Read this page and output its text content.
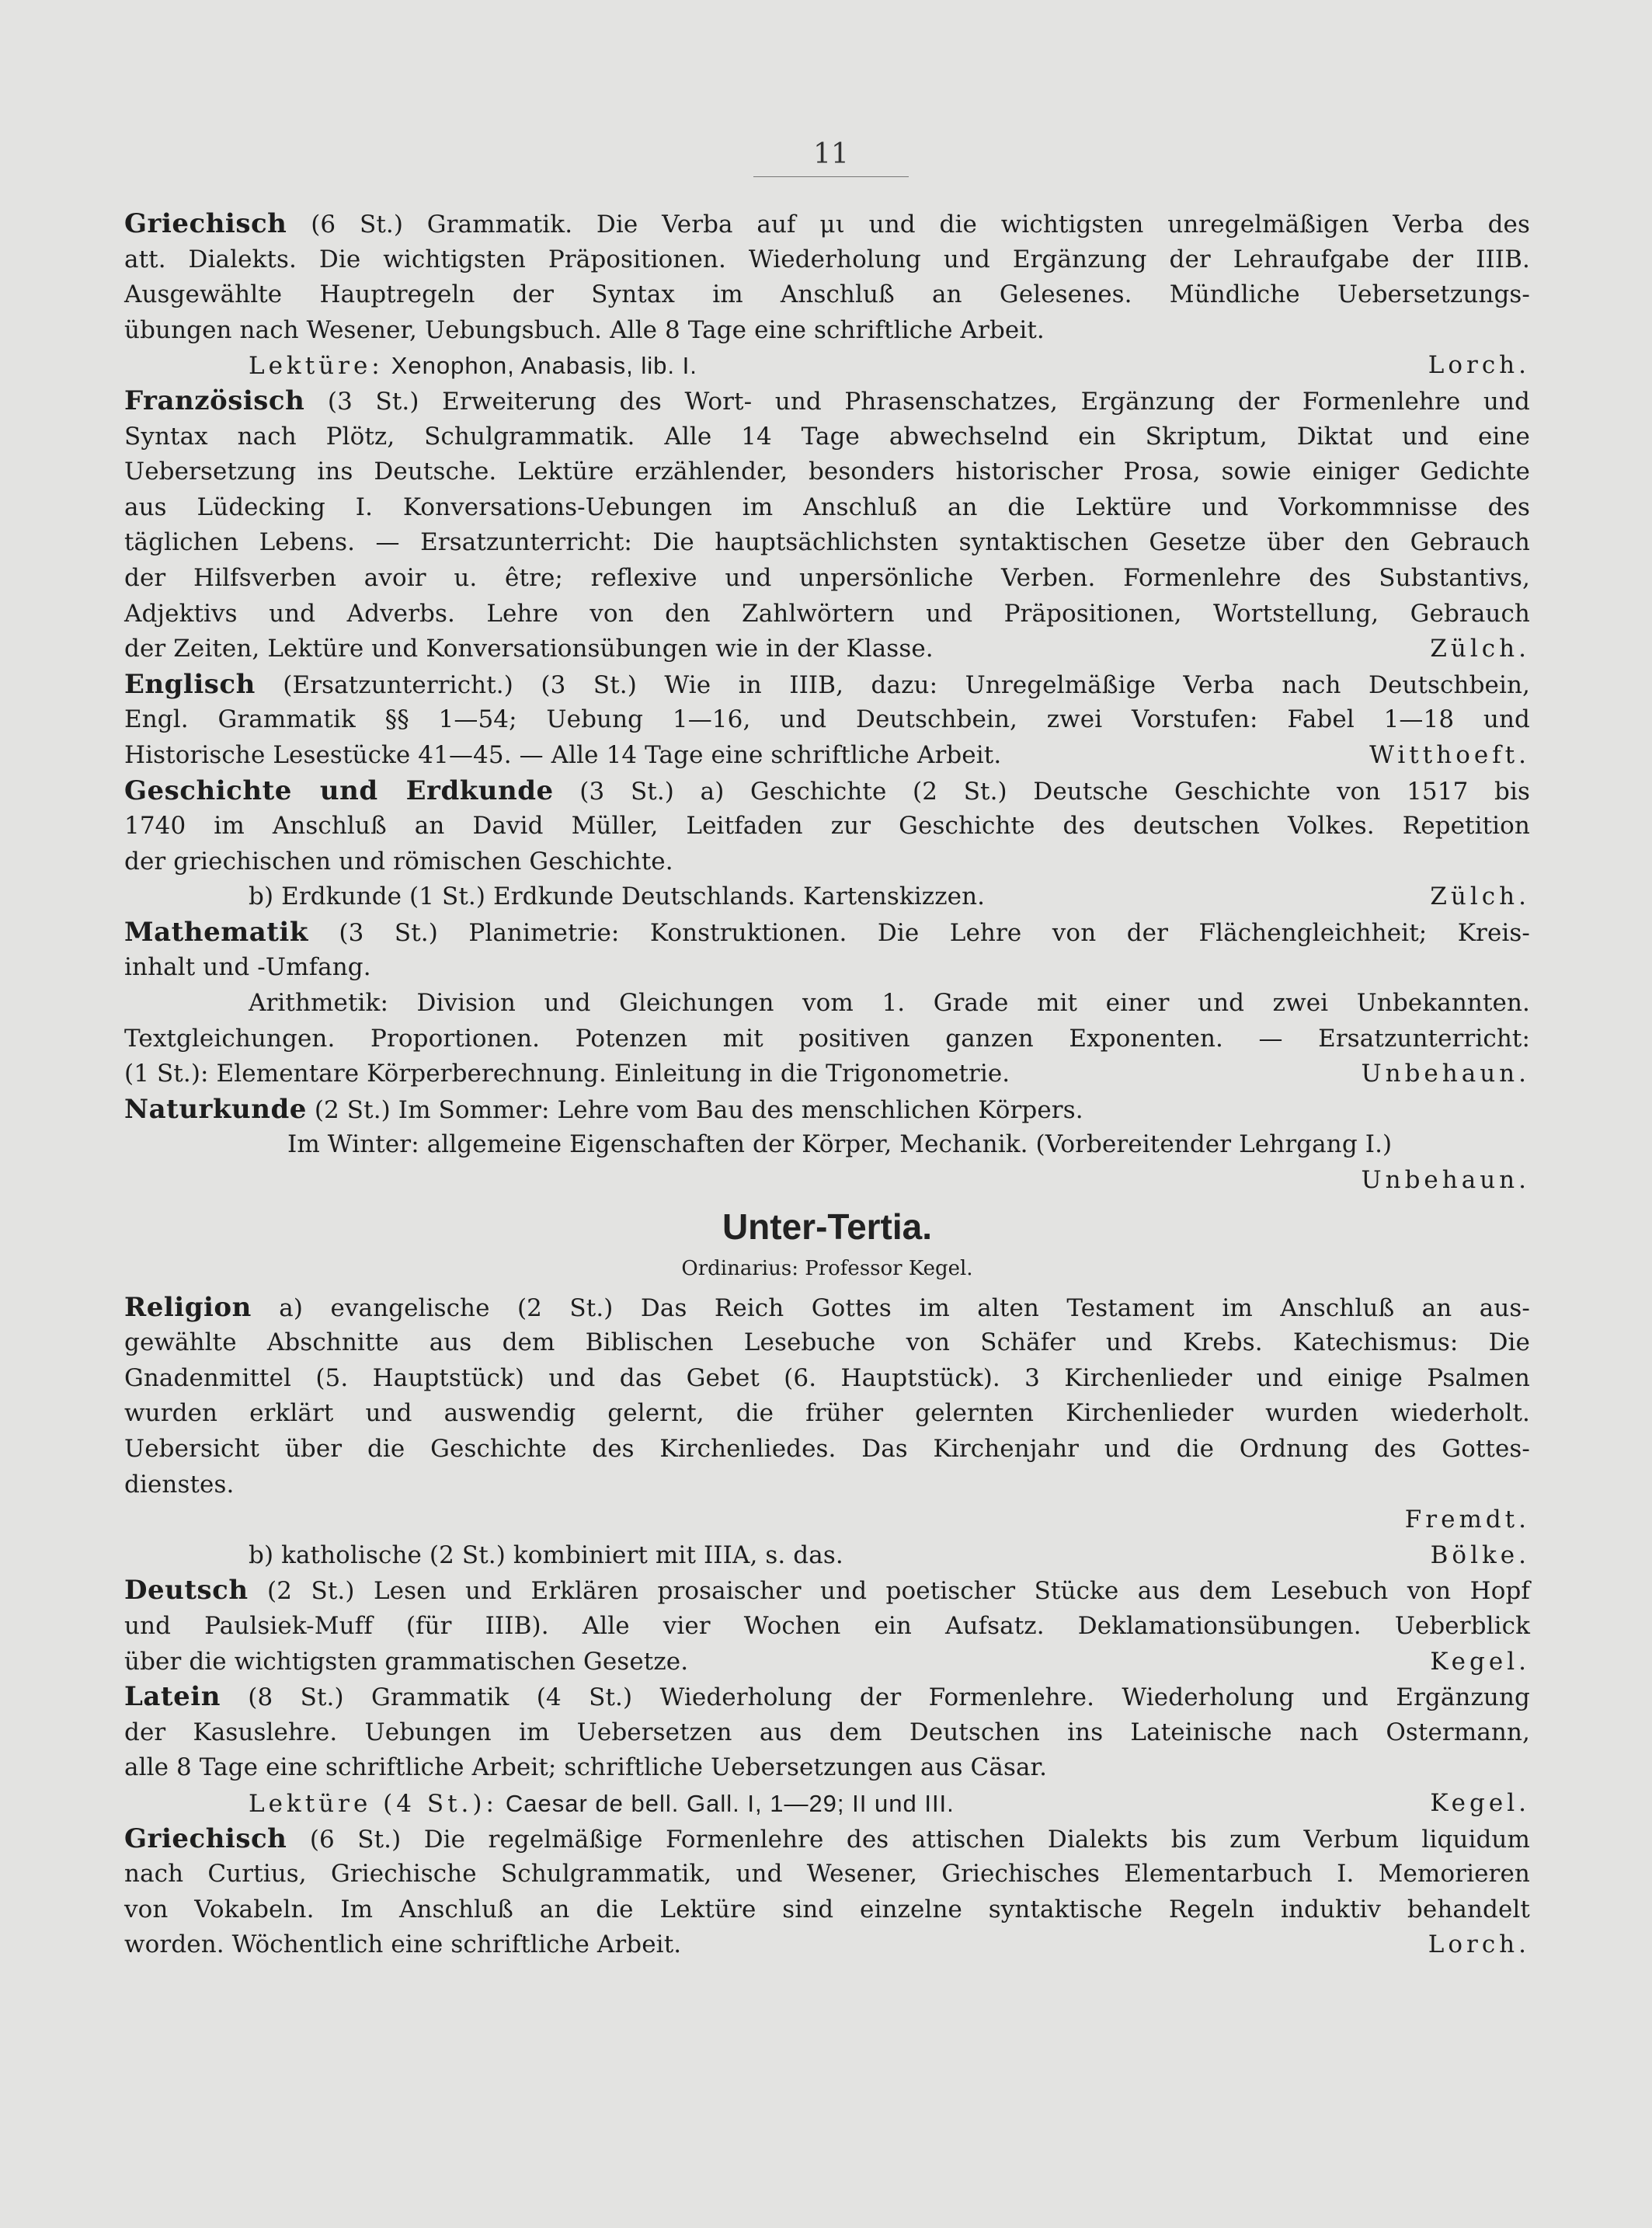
11
Griechisch (6 St.) Grammatik. Die Verba auf μι und die wichtigsten unregelmäßigen Verba des
att. Dialekts. Die wichtigsten Präpositionen. Wiederholung und Ergänzung der Lehraufgabe der IIIB.
Ausgewählte Hauptregeln der Syntax im Anschluß an Gelesenes. Mündliche Uebersetzungs-
übungen nach Wesener, Uebungsbuch. Alle 8 Tage eine schriftliche Arbeit.
Lektüre: Xenophon, Anabasis, lib. I.	Lorch.
Französisch (3 St.) Erweiterung des Wort- und Phrasenschatzes, Ergänzung der Formenlehre und
Syntax nach Plötz, Schulgrammatik. Alle 14 Tage abwechselnd ein Skriptum, Diktat und eine
Uebersetzung ins Deutsche. Lektüre erzählender, besonders historischer Prosa, sowie einiger Gedichte
aus Lüdecking I. Konversations-Uebungen im Anschluß an die Lektüre und Vorkommnisse des
täglichen Lebens. — Ersatzunterricht: Die hauptsächlichsten syntaktischen Gesetze über den Gebrauch
der Hilfsverben avoir u. être; reflexive und unpersönliche Verben. Formenlehre des Substantivs,
Adjektivs und Adverbs. Lehre von den Zahlwörtern und Präpositionen, Wortstellung, Gebrauch
der Zeiten, Lektüre und Konversationsübungen wie in der Klasse.	Zülch.
Englisch (Ersatzunterricht.) (3 St.) Wie in IIIB, dazu: Unregelmäßige Verba nach Deutschbein,
Engl. Grammatik §§ 1—54; Uebung 1—16, und Deutschbein, zwei Vorstufen: Fabel 1—18 und
Historische Lesestücke 41—45. — Alle 14 Tage eine schriftliche Arbeit.	Witthoeft.
Geschichte und Erdkunde (3 St.) a) Geschichte (2 St.) Deutsche Geschichte von 1517 bis
1740 im Anschluß an David Müller, Leitfaden zur Geschichte des deutschen Volkes. Repetition
der griechischen und römischen Geschichte.
b) Erdkunde (1 St.) Erdkunde Deutschlands. Kartenskizzen.	Zülch.
Mathematik (3 St.) Planimetrie: Konstruktionen. Die Lehre von der Flächengleichheit; Kreis-
inhalt und -Umfang.
Arithmetik: Division und Gleichungen vom 1. Grade mit einer und zwei Unbekannten.
Textgleichungen. Proportionen. Potenzen mit positiven ganzen Exponenten. — Ersatzunterricht:
(1 St.): Elementare Körperberechnung. Einleitung in die Trigonometrie.	Unbehaun.
Naturkunde (2 St.) Im Sommer: Lehre vom Bau des menschlichen Körpers.
Im Winter: allgemeine Eigenschaften der Körper, Mechanik. (Vorbereitender Lehrgang I.)
Unbehaun.
Unter-Tertia.
Ordinarius: Professor Kegel.
Religion a) evangelische (2 St.) Das Reich Gottes im alten Testament im Anschluß an aus-
gewählte Abschnitte aus dem Biblischen Lesebuche von Schäfer und Krebs. Katechismus: Die
Gnadenmittel (5. Hauptstück) und das Gebet (6. Hauptstück). 3 Kirchenlieder und einige Psalmen
wurden erklärt und auswendig gelernt, die früher gelernten Kirchenlieder wurden wiederholt.
Uebersicht über die Geschichte des Kirchenliedes. Das Kirchenjahr und die Ordnung des Gottes-
dienstes.
Fremdt.
b) katholische (2 St.) kombiniert mit IIIA, s. das.	Bölke.
Deutsch (2 St.) Lesen und Erklären prosaischer und poetischer Stücke aus dem Lesebuch von Hopf
und Paulsiek-Muff (für IIIB). Alle vier Wochen ein Aufsatz. Deklamationsübungen. Ueberblick
über die wichtigsten grammatischen Gesetze.	Kegel.
Latein (8 St.) Grammatik (4 St.) Wiederholung der Formenlehre. Wiederholung und Ergänzung
der Kasuslehre. Uebungen im Uebersetzen aus dem Deutschen ins Lateinische nach Ostermann,
alle 8 Tage eine schriftliche Arbeit; schriftliche Uebersetzungen aus Cäsar.
Lektüre (4 St.): Caesar de bell. Gall. I, 1—29; II und III.	Kegel.
Griechisch (6 St.) Die regelmäßige Formenlehre des attischen Dialekts bis zum Verbum liquidum
nach Curtius, Griechische Schulgrammatik, und Wesener, Griechisches Elementarbuch I. Memorieren
von Vokabeln. Im Anschluß an die Lektüre sind einzelne syntaktische Regeln induktiv behandelt
worden. Wöchentlich eine schriftliche Arbeit.	Lorch.
